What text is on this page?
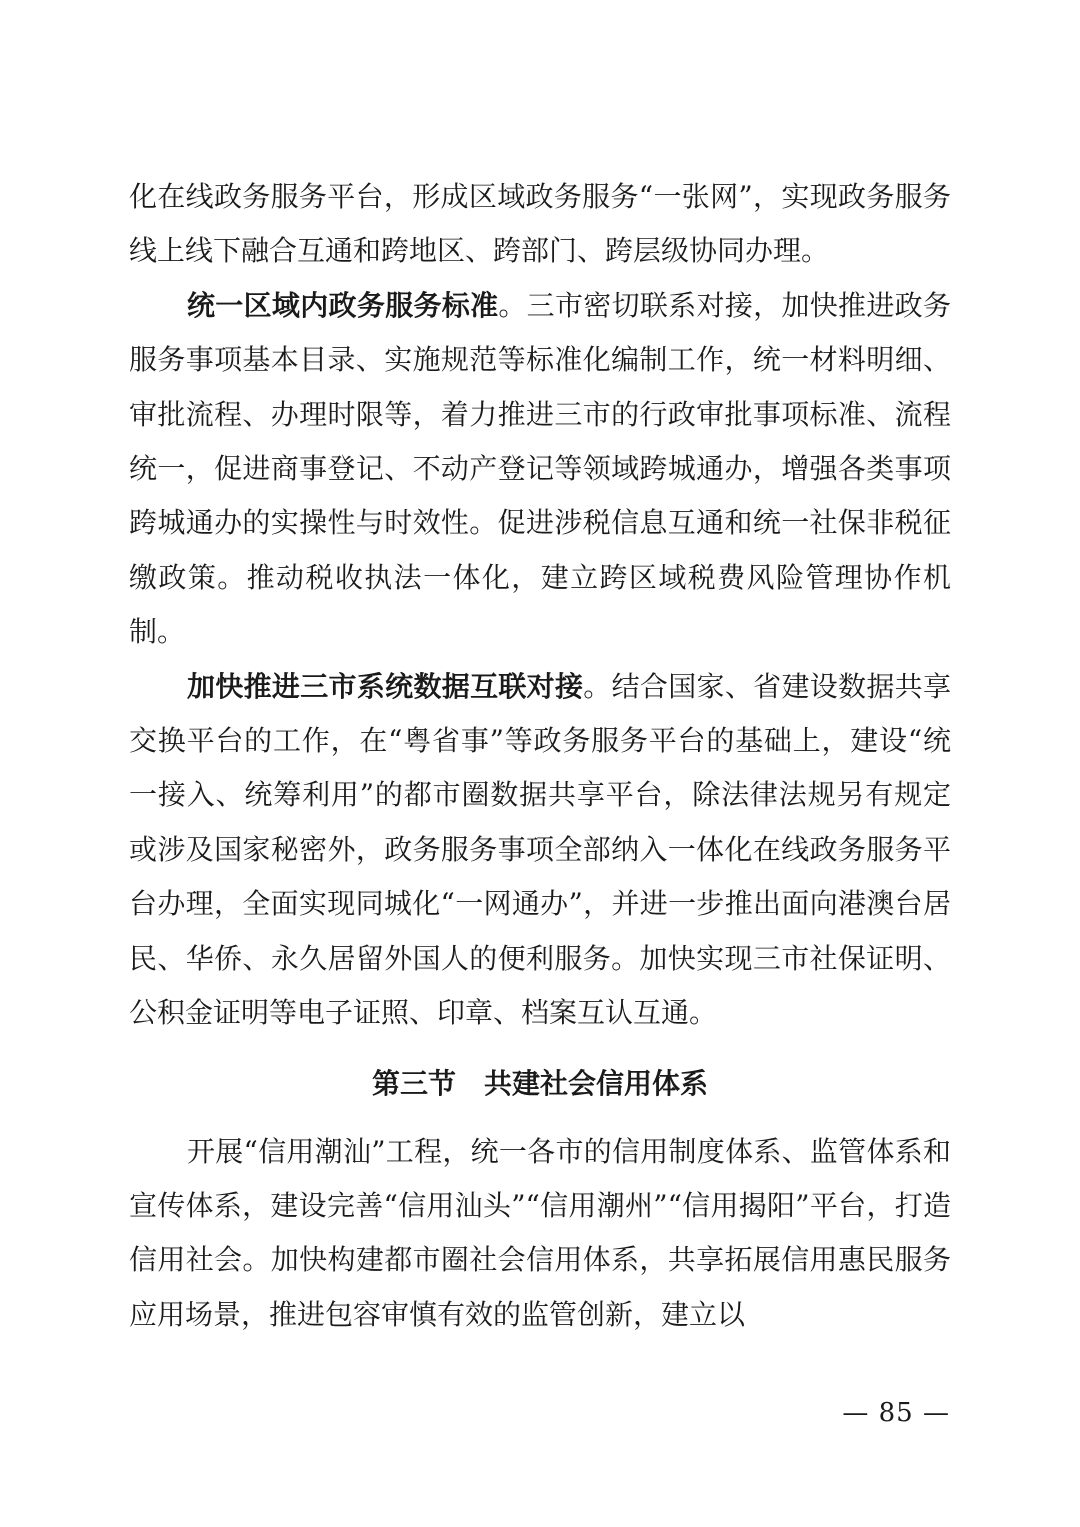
化在线政务服务平台，形成区域政务服务“一张网”，实现政务服务线上线下融合互通和跨地区、跨部门、跨层级协同办理。

统一区域内政务服务标准。三市密切联系对接，加快推进政务服务事项基本目录、实施规范等标准化编制工作，统一材料明细、审批流程、办理时限等，着力推进三市的行政审批事项标准、流程统一，促进商事登记、不动产登记等领域跨城通办，增强各类事项跨城通办的实操性与时效性。促进涉税信息互通和统一社保非税征缴政策。推动税收执法一体化，建立跨区域税费风险管理协作机制。

加快推进三市系统数据互联对接。结合国家、省建设数据共享交换平台的工作，在“粤省事”等政务服务平台的基础上，建设“统一接入、统筹利用”的都市圈数据共享平台，除法律法规另有规定或涉及国家秘密外，政务服务事项全部纳入一体化在线政务服务平台办理，全面实现同城化“一网通办”，并进一步推出面向港澳台居民、华侨、永久居留外国人的便利服务。加快实现三市社保证明、公积金证明等电子证照、印章、档案互认互通。

第三节　共建社会信用体系

开展“信用潮汕”工程，统一各市的信用制度体系、监管体系和宣传体系，建设完善“信用汕头”“信用潮州”“信用揭阳”平台，打造信用社会。加快构建都市圈社会信用体系，共享拓展信用惠民服务应用场景，推进包容审慎有效的监管创新，建立以

— 85 —
